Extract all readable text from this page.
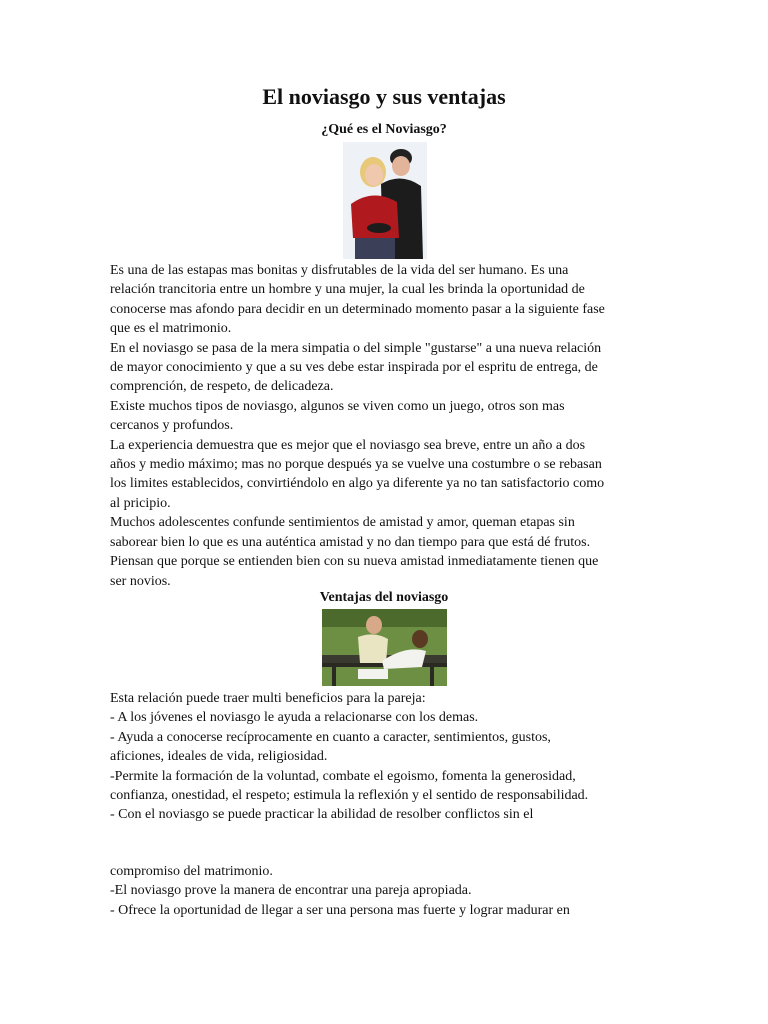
El noviasgo y sus ventajas
¿Qué es el Noviasgo?

Es una de las estapas mas bonitas y disfrutables de la vida del ser humano. Es una
relación trancitoria entre un hombre y una mujer, la cual les brinda la oportunidad de
conocerse mas afondo para decidir en un determinado momento pasar a la siguiente fase
que es el matrimonio.

En el noviasgo se pasa de la mera simpatia o del simple "gustarse" a una nueva relación
de mayor conocimiento y que a su ves debe estar inspirada por el espritu de entrega, de
comprención, de respeto, de delicadeza.

Existe muchos tipos de noviasgo, algunos se viven como un juego, otros son mas
cercanos y profundos.

La experiencia demuestra que es mejor que el noviasgo sea breve, entre un año a dos
años y medio máximo; mas no porque después ya se vuelve una costumbre o se rebasan
los limites establecidos, convirtiéndolo en algo ya diferente ya no tan satisfactorio como
al pricipio.

Muchos adolescentes confunde sentimientos de amistad y amor, queman etapas sin
saborear bien lo que es una auténtica amistad y no dan tiempo para que está dé frutos.
Piensan que porque se entienden bien con su nueva amistad inmediatamente tienen que
ser novios.

Ventajas del noviasgo

Esta relación puede traer multi beneficios para la pareja:

- A los jóvenes el noviasgo le ayuda a relacionarse con los demas.

- Ayuda a conocerse recíprocamente en cuanto a caracter, sentimientos, gustos,
aficiones, ideales de vida, religiosidad.

-Permite la formación de la voluntad, combate el egoismo, fomenta la generosidad,
confianza, onestidad, el respeto; estimula la reflexión y el sentido de responsabilidad.

- Con el noviasgo se puede practicar la abilidad de resolber conflictos sin el

compromiso del matrimonio.

-El noviasgo prove la manera de encontrar una pareja apropiada.

- Ofrece la oportunidad de llegar a ser una persona mas fuerte y lograr madurar en
